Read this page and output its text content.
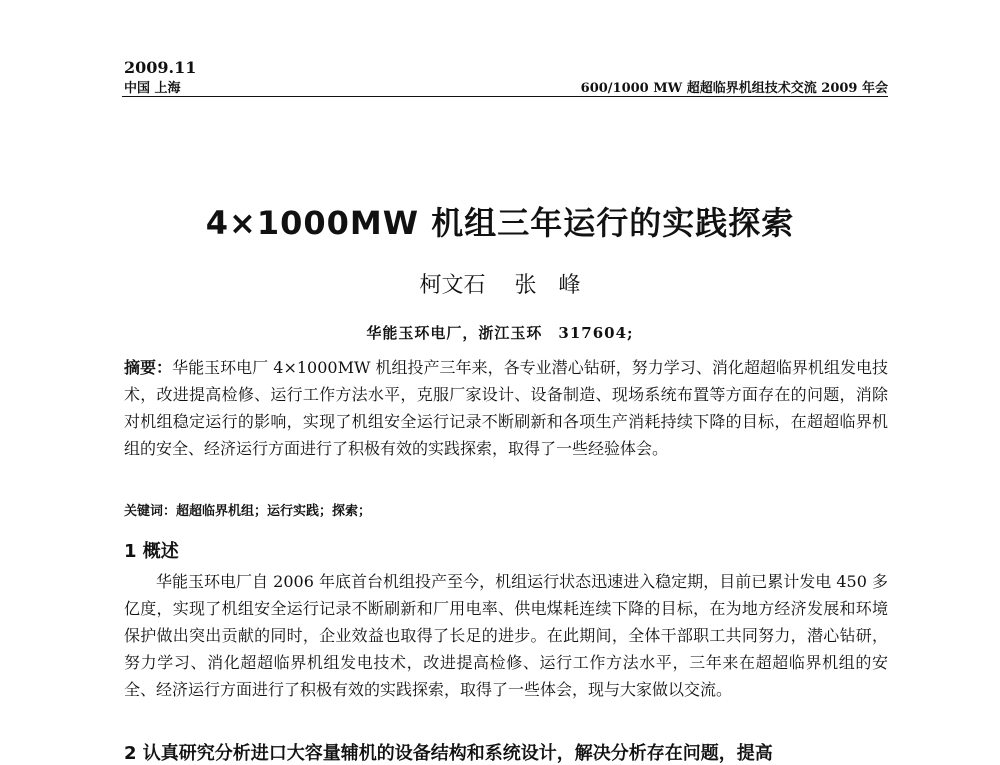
2009.11
中国 上海	600/1000 MW 超超临界机组技术交流 2009 年会
4×1000MW 机组三年运行的实践探索
柯文石　 张　峰
华能玉环电厂，浙江玉环　317604;

摘要：华能玉环电厂 4×1000MW 机组投产三年来，各专业潜心钻研，努力学习、消化超超临界机组发电技术，改进提高检修、运行工作方法水平，克服厂家设计、设备制造、现场系统布置等方面存在的问题，消除对机组稳定运行的影响，实现了机组安全运行记录不断刷新和各项生产消耗持续下降的目标，在超超临界机组的安全、经济运行方面进行了积极有效的实践探索，取得了一些经验体会。

关键词：超超临界机组；运行实践；探索；
1 概述

华能玉环电厂自 2006 年底首台机组投产至今，机组运行状态迅速进入稳定期，目前已累计发电 450 多亿度，实现了机组安全运行记录不断刷新和厂用电率、供电煤耗连续下降的目标，在为地方经济发展和环境保护做出突出贡献的同时，企业效益也取得了长足的进步。在此期间，全体干部职工共同努力，潜心钻研，努力学习、消化超超临界机组发电技术，改进提高检修、运行工作方法水平，三年来在超超临界机组的安全、经济运行方面进行了积极有效的实践探索，取得了一些体会，现与大家做以交流。

2 认真研究分析进口大容量辅机的设备结构和系统设计，解决分析存在问题，提高
